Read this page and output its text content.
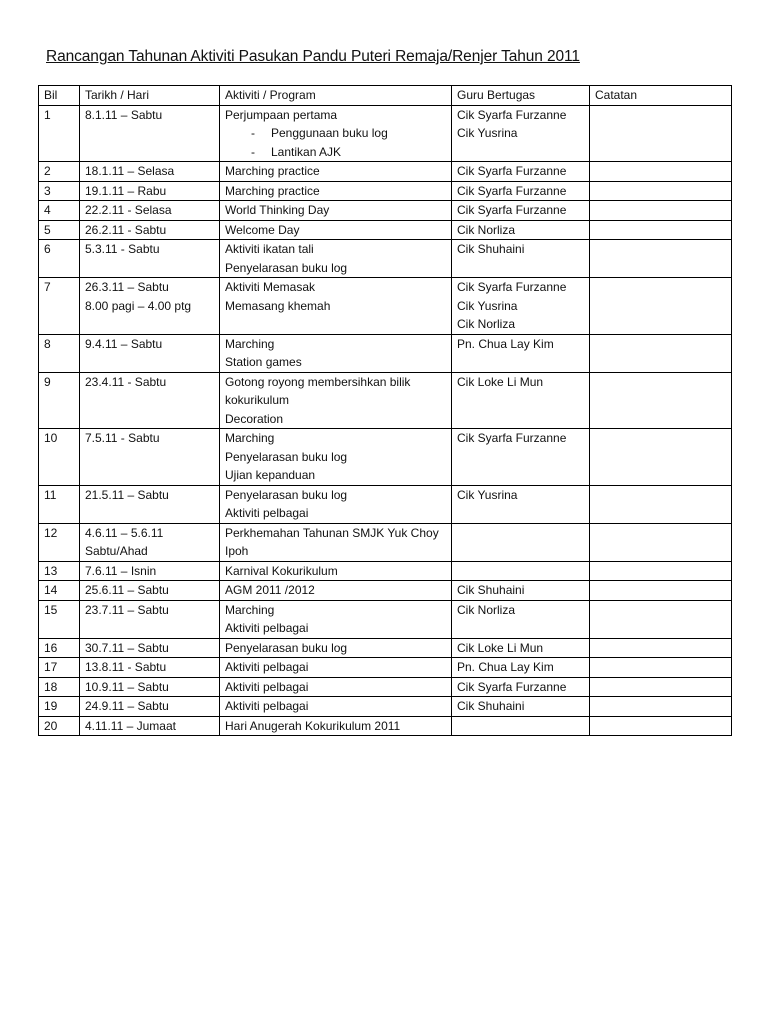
Rancangan Tahunan Aktiviti Pasukan Pandu Puteri Remaja/Renjer Tahun 2011
Bil	Tarikh / Hari	Aktiviti / Program	Guru Bertugas	Catatan
1	8.1.11 – Sabtu	Perjumpaan pertama
- Penggunaan buku log
- Lantikan AJK	Cik Syarfa Furzanne
Cik Yusrina	

2	18.1.11 – Selasa	Marching practice	Cik Syarfa Furzanne	

3	19.1.11 – Rabu	Marching practice	Cik Syarfa Furzanne	

4	22.2.11 - Selasa	World Thinking Day	Cik Syarfa Furzanne	

5	26.2.11 - Sabtu	Welcome Day	Cik Norliza	

6	5.3.11 - Sabtu	Aktiviti ikatan tali
Penyelarasan buku log	Cik Shuhaini	

7	26.3.11 – Sabtu
8.00 pagi – 4.00 ptg	Aktiviti Memasak
Memasang khemah	Cik Syarfa Furzanne
Cik Yusrina
Cik Norliza	

8	9.4.11 – Sabtu	Marching
Station games	Pn. Chua Lay Kim	

9	23.4.11 - Sabtu	Gotong royong membersihkan bilik
kokurikulum
Decoration	Cik Loke Li Mun	

10	7.5.11 - Sabtu	Marching
Penyelarasan buku log
Ujian kepanduan	Cik Syarfa Furzanne	

11	21.5.11 – Sabtu	Penyelarasan buku log
Aktiviti pelbagai	Cik Yusrina	

12	4.6.11 – 5.6.11
Sabtu/Ahad	Perkhemahan Tahunan SMJK Yuk Choy
Ipoh		

13	7.6.11 – Isnin	Karnival Kokurikulum		

14	25.6.11 – Sabtu	AGM 2011 /2012	Cik Shuhaini	

15	23.7.11 – Sabtu	Marching
Aktiviti pelbagai	Cik Norliza	

16	30.7.11 – Sabtu	Penyelarasan buku log	Cik Loke Li Mun	

17	13.8.11 - Sabtu	Aktiviti pelbagai	Pn. Chua Lay Kim	

18	10.9.11 – Sabtu	Aktiviti pelbagai	Cik Syarfa Furzanne	

19	24.9.11 – Sabtu	Aktiviti pelbagai	Cik Shuhaini	

20	4.11.11 – Jumaat	Hari Anugerah Kokurikulum 2011		
